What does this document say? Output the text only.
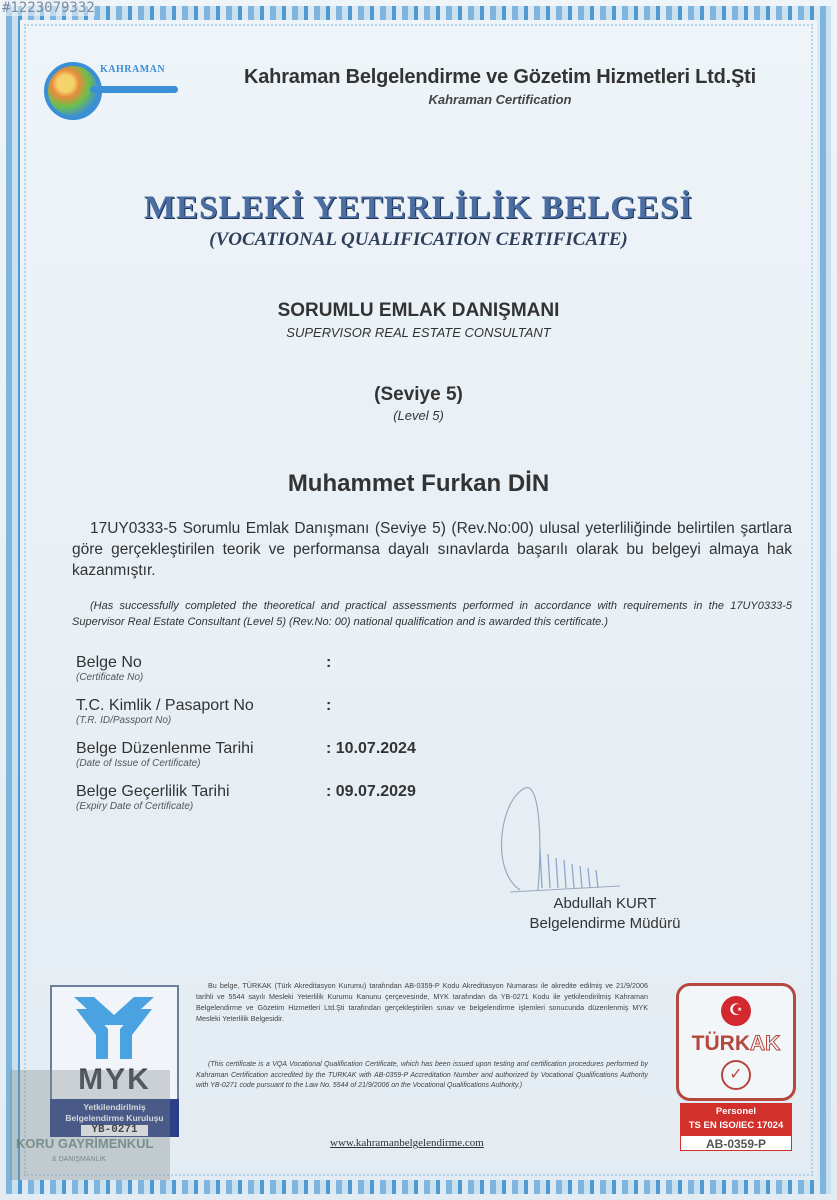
#1223079332
KAHRAMAN	Kahraman Belgelendirme ve Gözetim Hizmetleri Ltd.Şti
Kahraman Certification
MESLEKİ YETERLİLİK BELGESİ
(VOCATIONAL QUALIFICATION CERTIFICATE)
SORUMLU EMLAK DANIŞMANI
SUPERVISOR REAL ESTATE CONSULTANT
(Seviye 5)
(Level 5)
Muhammet Furkan DİN
17UY0333-5 Sorumlu Emlak Danışmanı (Seviye 5) (Rev.No:00) ulusal yeterliliğinde belirtilen şartlara göre gerçekleştirilen teorik ve performansa dayalı sınavlarda başarılı olarak bu belgeyi almaya hak kazanmıştır.
(Has successfully completed the theoretical and practical assessments performed in accordance with requirements in the 17UY0333-5 Supervisor Real Estate Consultant (Level 5) (Rev.No: 00) national qualification and is awarded this certificate.)
Belge No
(Certificate No)
:
T.C. Kimlik / Pasaport No
(T.R. ID/Passport No)
:
Belge Düzenlenme Tarihi
(Date of Issue of Certificate)
: 10.07.2024
Belge Geçerlilik Tarihi
(Expiry Date of Certificate)
: 09.07.2029
Abdullah KURT
Belgelendirme Müdürü
MYK
Yetkilendirilmiş
Belgelendirme Kuruluşu
YB-0271
Bu belge, TÜRKAK (Türk Akreditasyon Kurumu) tarafından AB-0359-P Kodu Akreditasyon Numarası ile akredite edilmiş ve 21/9/2006 tarihli ve 5544 sayılı Mesleki Yeterlilik Kurumu Kanunu çerçevesinde, MYK tarafından da YB-0271 Kodu ile yetkilendirilmiş Kahraman Belgelendirme ve Gözetim Hizmetleri Ltd.Şti tarafından gerçekleştirilen sınav ve belgelendirme işlemleri sonucunda düzenlenmiş MYK Mesleki Yeterlilik Belgesidir.
(This certificate is a VQA Vocational Qualification Certificate, which has been issued upon testing and certification procedures performed by Kahraman Certification accredited by the TURKAK with AB-0359-P Accreditation Number and authorized by Vocational Qualifications Authority with YB-0271 code pursuant to the Law No. 5544 of 21/9/2006 on the Vocational Qualifications Authority.)
www.kahramanbelgelendirme.com
☪
TÜRKAK
✓
Personel
TS EN ISO/IEC 17024
AB-0359-P
KORU GAYRİMENKUL
& DANIŞMANLIK
